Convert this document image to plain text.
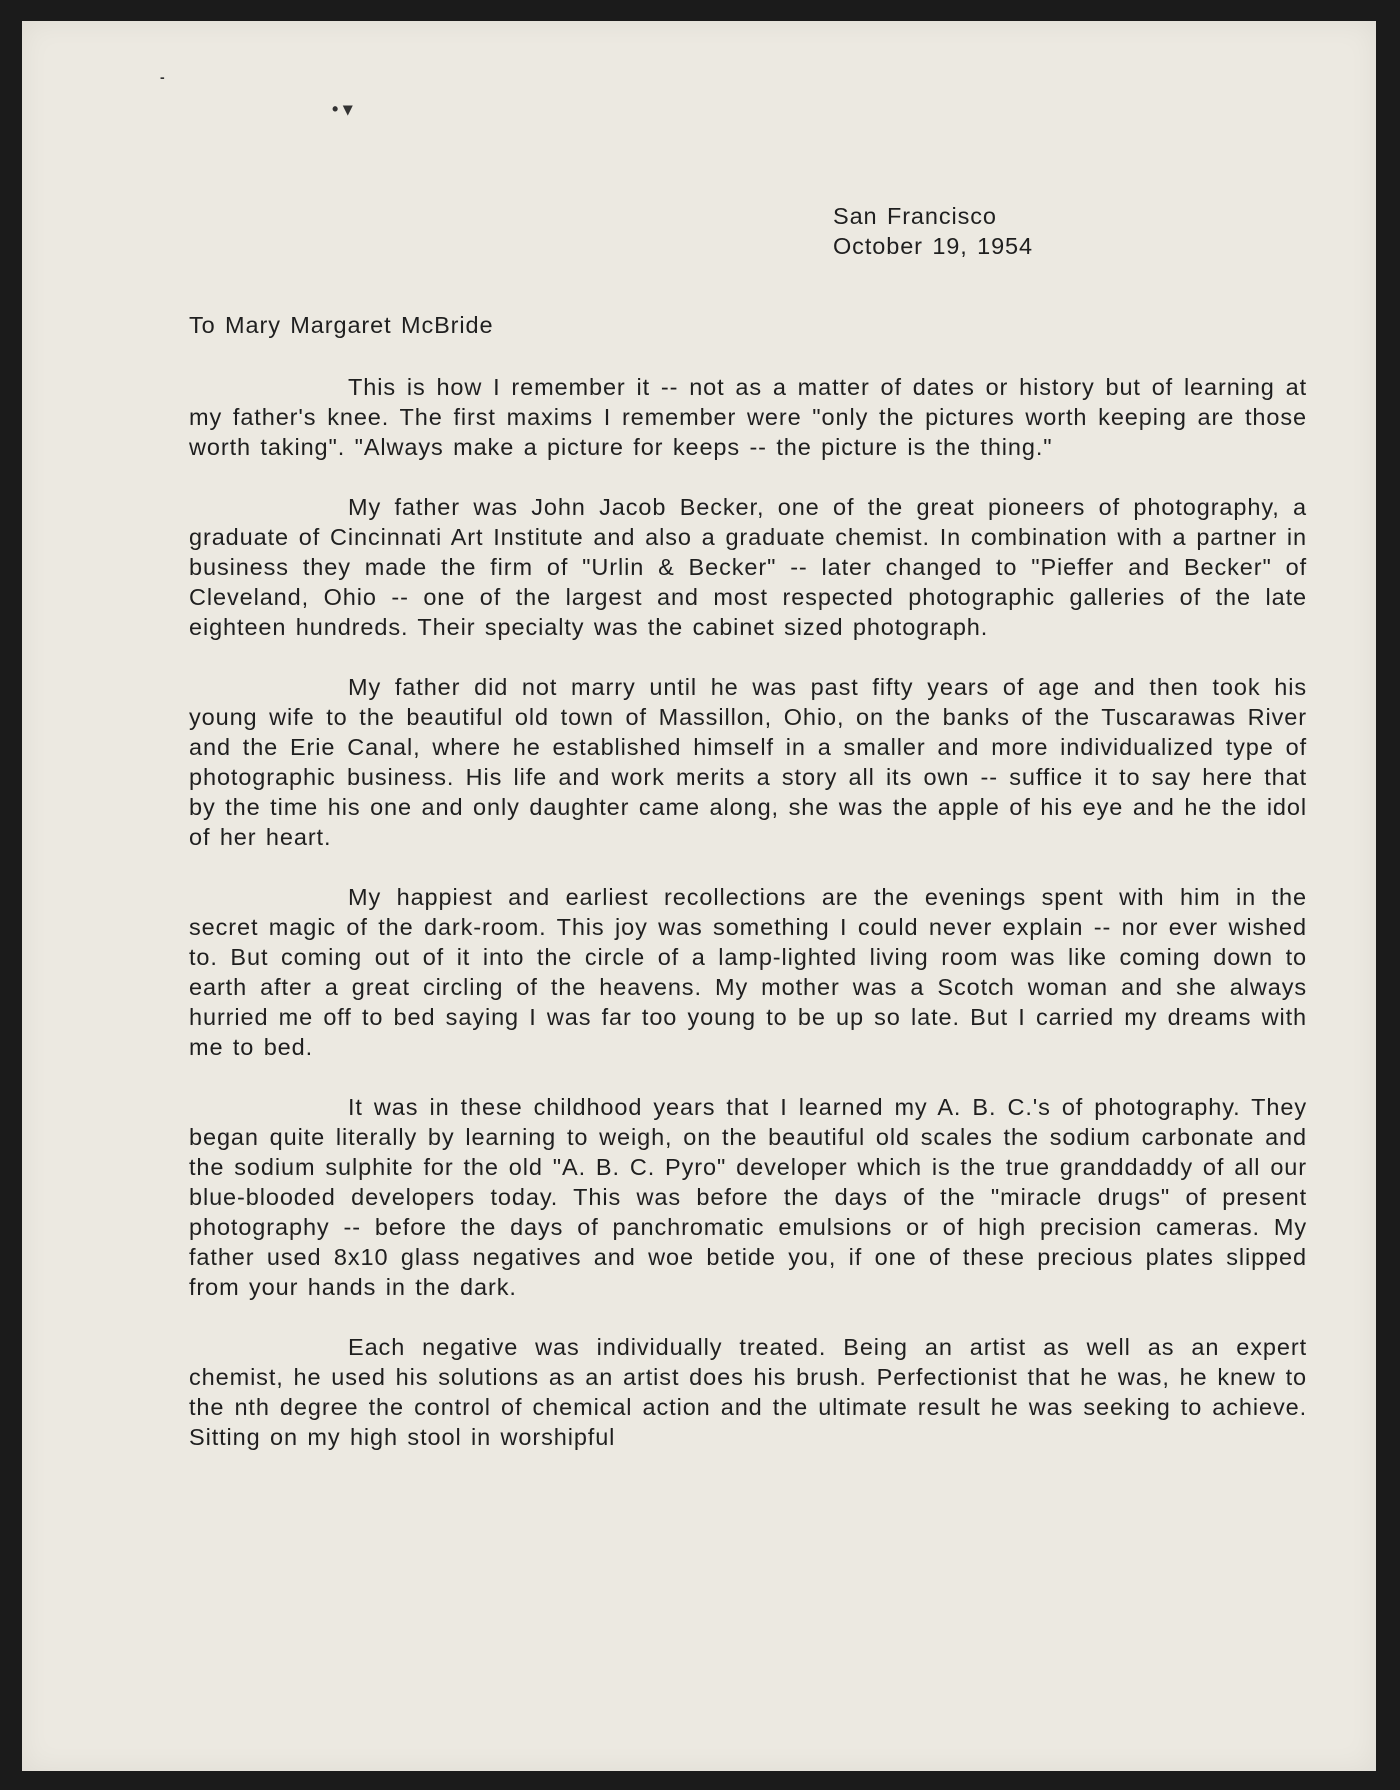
-
• ▾
San Francisco
October 19, 1954
To Mary Margaret McBride

This is how I remember it -- not as a matter of dates or history but of learning at my father's knee. The first maxims I remember were "only the pictures worth keeping are those worth taking". "Always make a picture for keeps -- the picture is the thing."

My father was John Jacob Becker, one of the great pioneers of photography, a graduate of Cincinnati Art Institute and also a graduate chemist. In combination with a partner in business they made the firm of "Urlin & Becker" -- later changed to "Pieffer and Becker" of Cleveland, Ohio -- one of the largest and most respected photographic galleries of the late eighteen hundreds. Their specialty was the cabinet sized photograph.

My father did not marry until he was past fifty years of age and then took his young wife to the beautiful old town of Massillon, Ohio, on the banks of the Tuscarawas River and the Erie Canal, where he established himself in a smaller and more individualized type of photographic business. His life and work merits a story all its own -- suffice it to say here that by the time his one and only daughter came along, she was the apple of his eye and he the idol of her heart.

My happiest and earliest recollections are the evenings spent with him in the secret magic of the dark-room. This joy was something I could never explain -- nor ever wished to. But coming out of it into the circle of a lamp-lighted living room was like coming down to earth after a great circling of the heavens. My mother was a Scotch woman and she always hurried me off to bed saying I was far too young to be up so late. But I carried my dreams with me to bed.

It was in these childhood years that I learned my A. B. C.'s of photography. They began quite literally by learning to weigh, on the beautiful old scales the sodium carbonate and the sodium sulphite for the old "A. B. C. Pyro" developer which is the true granddaddy of all our blue-blooded developers today. This was before the days of the "miracle drugs" of present photography -- before the days of panchromatic emulsions or of high precision cameras. My father used 8x10 glass negatives and woe betide you, if one of these precious plates slipped from your hands in the dark.

Each negative was individually treated. Being an artist as well as an expert chemist, he used his solutions as an artist does his brush. Perfectionist that he was, he knew to the nth degree the control of chemical action and the ultimate result he was seeking to achieve. Sitting on my high stool in worshipful
